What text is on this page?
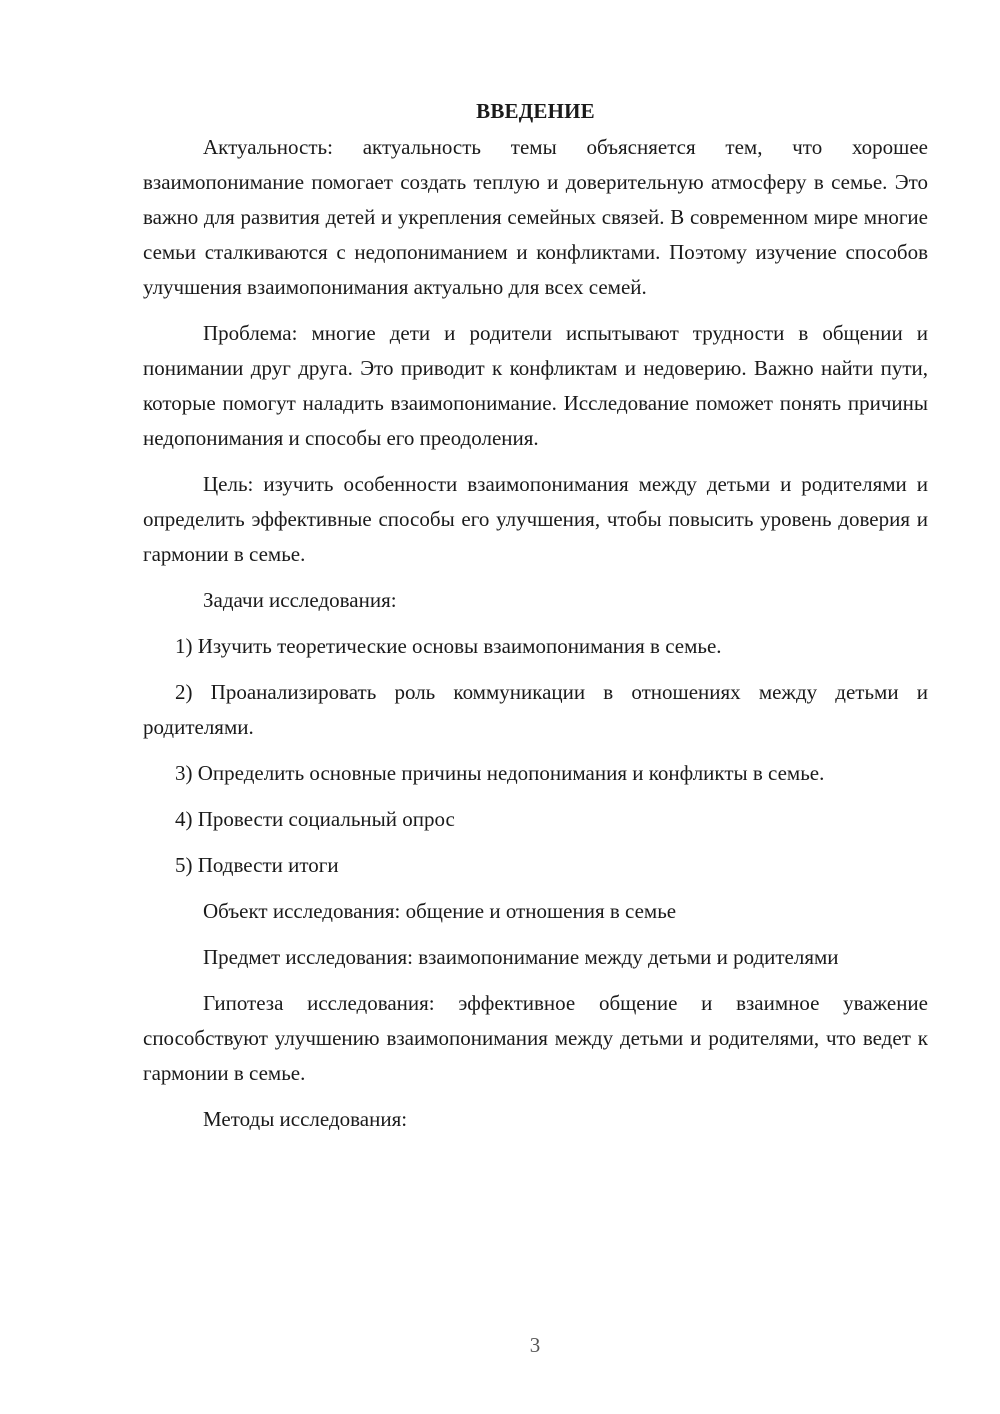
ВВЕДЕНИЕ

Актуальность: актуальность темы объясняется тем, что хорошее взаимопонимание помогает создать теплую и доверительную атмосферу в семье. Это важно для развития детей и укрепления семейных связей. В современном мире многие семьи сталкиваются с недопониманием и конфликтами. Поэтому изучение способов улучшения взаимопонимания актуально для всех семей.

Проблема: многие дети и родители испытывают трудности в общении и понимании друг друга. Это приводит к конфликтам и недоверию. Важно найти пути, которые помогут наладить взаимопонимание. Исследование поможет понять причины недопонимания и способы его преодоления.

Цель: изучить особенности взаимопонимания между детьми и родителями и определить эффективные способы его улучшения, чтобы повысить уровень доверия и гармонии в семье.

Задачи исследования:

1) Изучить теоретические основы взаимопонимания в семье.

2) Проанализировать роль коммуникации в отношениях между детьми и родителями.

3) Определить основные причины недопонимания и конфликты в семье.

4) Провести социальный опрос

5) Подвести итоги

Объект исследования: общение и отношения в семье

Предмет исследования: взаимопонимание между детьми и родителями

Гипотеза исследования: эффективное общение и взаимное уважение способствуют улучшению взаимопонимания между детьми и родителями, что ведет к гармонии в семье.

Методы исследования:

3
